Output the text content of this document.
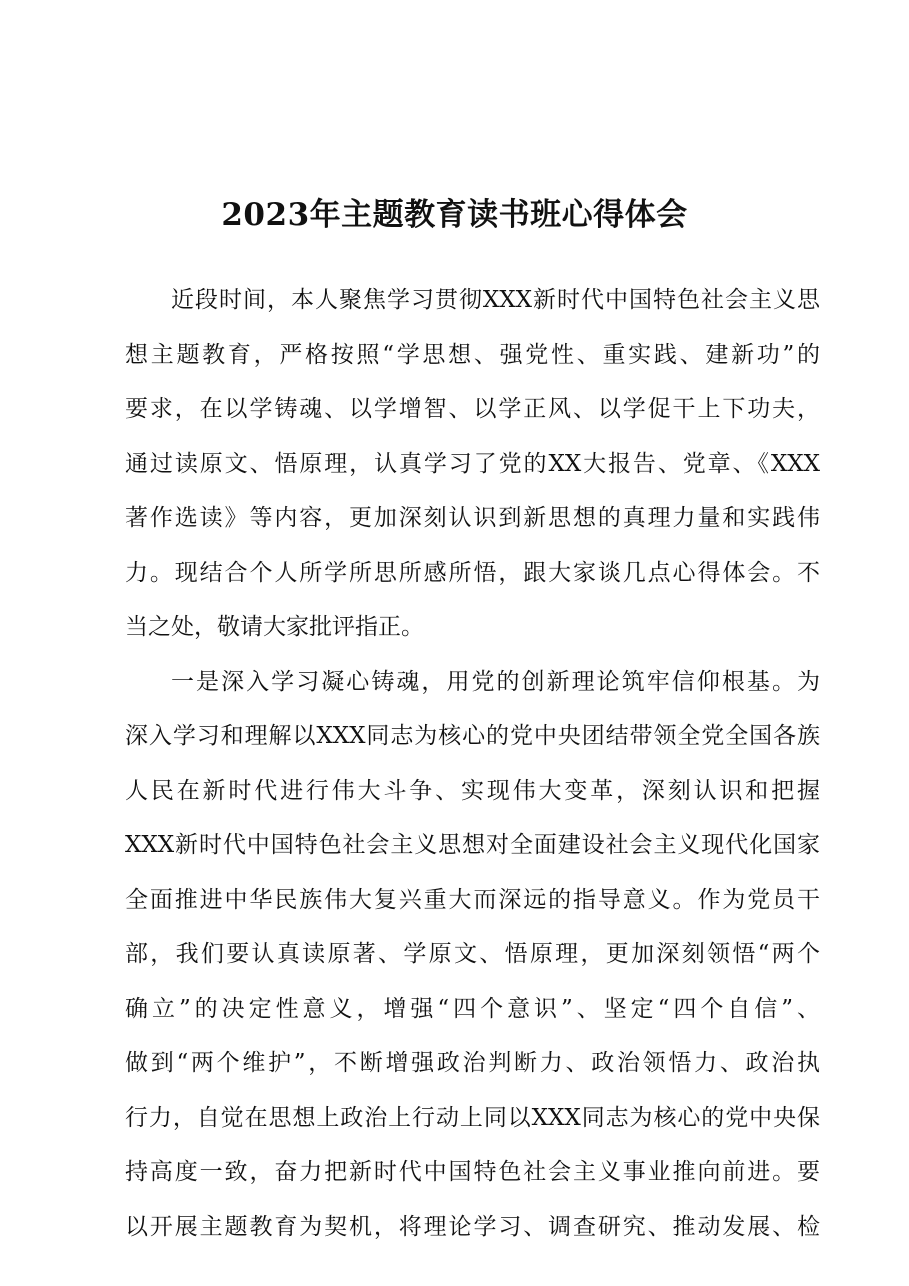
2023年主题教育读书班心得体会
近段时间，本人聚焦学习贯彻XXX新时代中国特色社会主义思
想主题教育，严格按照“学思想、强党性、重实践、建新功”的
要求，在以学铸魂、以学增智、以学正风、以学促干上下功夫，
通过读原文、悟原理，认真学习了党的XX大报告、党章、《XXX
著作选读》等内容，更加深刻认识到新思想的真理力量和实践伟
力。现结合个人所学所思所感所悟，跟大家谈几点心得体会。不
当之处，敬请大家批评指正。
一是深入学习凝心铸魂，用党的创新理论筑牢信仰根基。为
深入学习和理解以XXX同志为核心的党中央团结带领全党全国各族
人民在新时代进行伟大斗争、实现伟大变革，深刻认识和把握
XXX新时代中国特色社会主义思想对全面建设社会主义现代化国家
全面推进中华民族伟大复兴重大而深远的指导意义。作为党员干
部，我们要认真读原著、学原文、悟原理，更加深刻领悟“两个
确立”的决定性意义，增强“四个意识”、坚定“四个自信”、
做到“两个维护”，不断增强政治判断力、政治领悟力、政治执
行力，自觉在思想上政治上行动上同以XXX同志为核心的党中央保
持高度一致，奋力把新时代中国特色社会主义事业推向前进。要
以开展主题教育为契机，将理论学习、调查研究、推动发展、检
